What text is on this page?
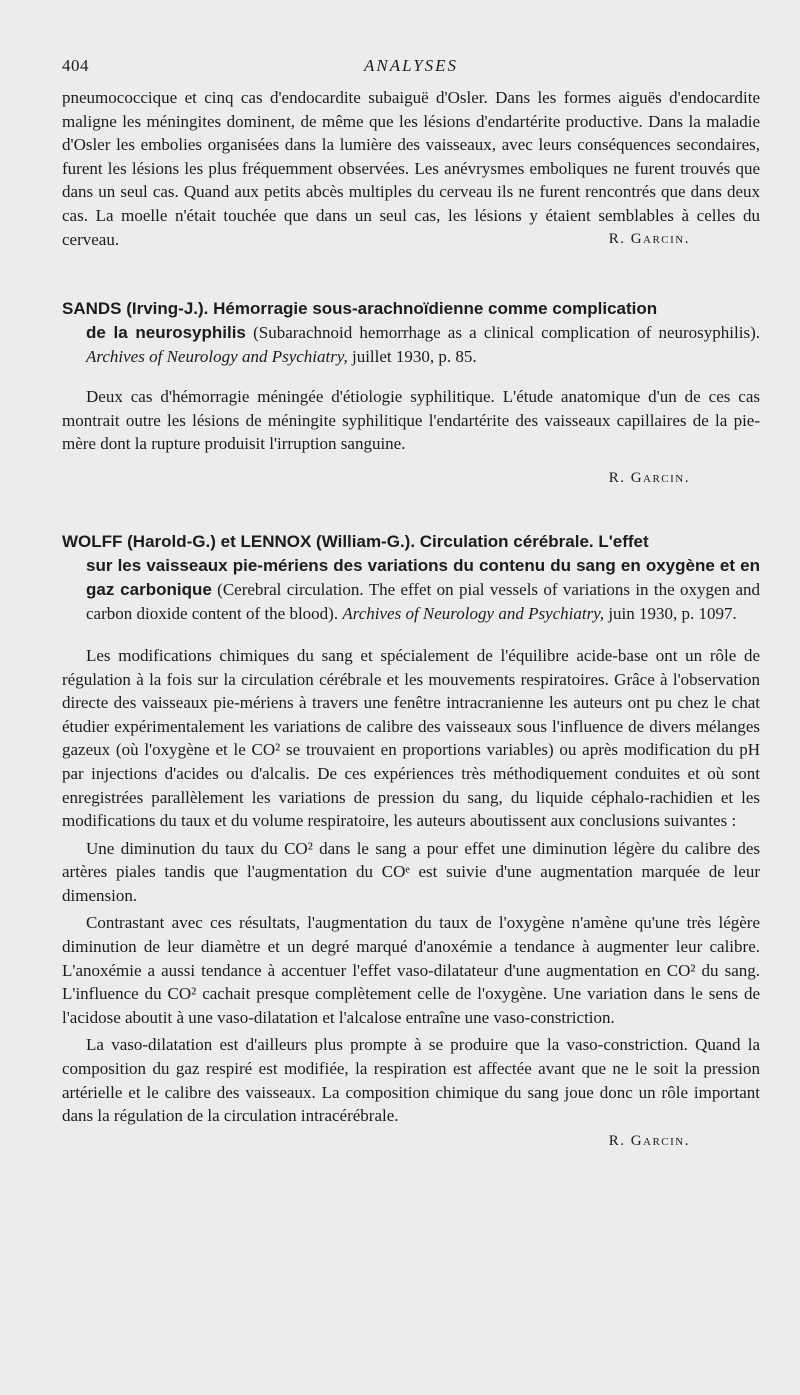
404	ANALYSES

pneumococcique et cinq cas d'endocardite subaiguë d'Osler. Dans les formes aiguës d'endocardite maligne les méningites dominent, de même que les lésions d'endartérite productive. Dans la maladie d'Osler les embolies organisées dans la lumière des vaisseaux, avec leurs conséquences secondaires, furent les lésions les plus fréquemment observées. Les anévrysmes emboliques ne furent trouvés que dans un seul cas. Quand aux petits abcès multiples du cerveau ils ne furent rencontrés que dans deux cas. La moelle n'était touchée que dans un seul cas, les lésions y étaient semblables à celles du cerveau.	R. Garcin.
SANDS (Irving-J.). Hémorragie sous-arachnoïdienne comme complication
de la neurosyphilis (Subarachnoid hemorrhage as a clinical complication of neurosyphilis). Archives of Neurology and Psychiatry, juillet 1930, p. 85.

Deux cas d'hémorragie méningée d'étiologie syphilitique. L'étude anatomique d'un de ces cas montrait outre les lésions de méningite syphilitique l'endartérite des vaisseaux capillaires de la pie-mère dont la rupture produisit l'irruption sanguine.

R. Garcin.
WOLFF (Harold-G.) et LENNOX (William-G.). Circulation cérébrale. L'effet
sur les vaisseaux pie-mériens des variations du contenu du sang en oxygène et en gaz carbonique (Cerebral circulation. The effet on pial vessels of variations in the oxygen and carbon dioxide content of the blood). Archives of Neurology and Psychiatry, juin 1930, p. 1097.

Les modifications chimiques du sang et spécialement de l'équilibre acide-base ont un rôle de régulation à la fois sur la circulation cérébrale et les mouvements respiratoires. Grâce à l'observation directe des vaisseaux pie-mériens à travers une fenêtre intracranienne les auteurs ont pu chez le chat étudier expérimentalement les variations de calibre des vaisseaux sous l'influence de divers mélanges gazeux (où l'oxygène et le CO² se trouvaient en proportions variables) ou après modification du pH par injections d'acides ou d'alcalis. De ces expériences très méthodiquement conduites et où sont enregistrées parallèlement les variations de pression du sang, du liquide céphalo-rachidien et les modifications du taux et du volume respiratoire, les auteurs aboutissent aux conclusions suivantes :

Une diminution du taux du CO² dans le sang a pour effet une diminution légère du calibre des artères piales tandis que l'augmentation du COᵉ est suivie d'une augmentation marquée de leur dimension.

Contrastant avec ces résultats, l'augmentation du taux de l'oxygène n'amène qu'une très légère diminution de leur diamètre et un degré marqué d'anoxémie a tendance à augmenter leur calibre. L'anoxémie a aussi tendance à accentuer l'effet vaso-dilatateur d'une augmentation en CO² du sang. L'influence du CO² cachait presque complètement celle de l'oxygène. Une variation dans le sens de l'acidose aboutit à une vaso-dilatation et l'alcalose entraîne une vaso-constriction.

La vaso-dilatation est d'ailleurs plus prompte à se produire que la vaso-constriction. Quand la composition du gaz respiré est modifiée, la respiration est affectée avant que ne le soit la pression artérielle et le calibre des vaisseaux. La composition chimique du sang joue donc un rôle important dans la régulation de la circulation intracérébrale.

R. Garcin.
